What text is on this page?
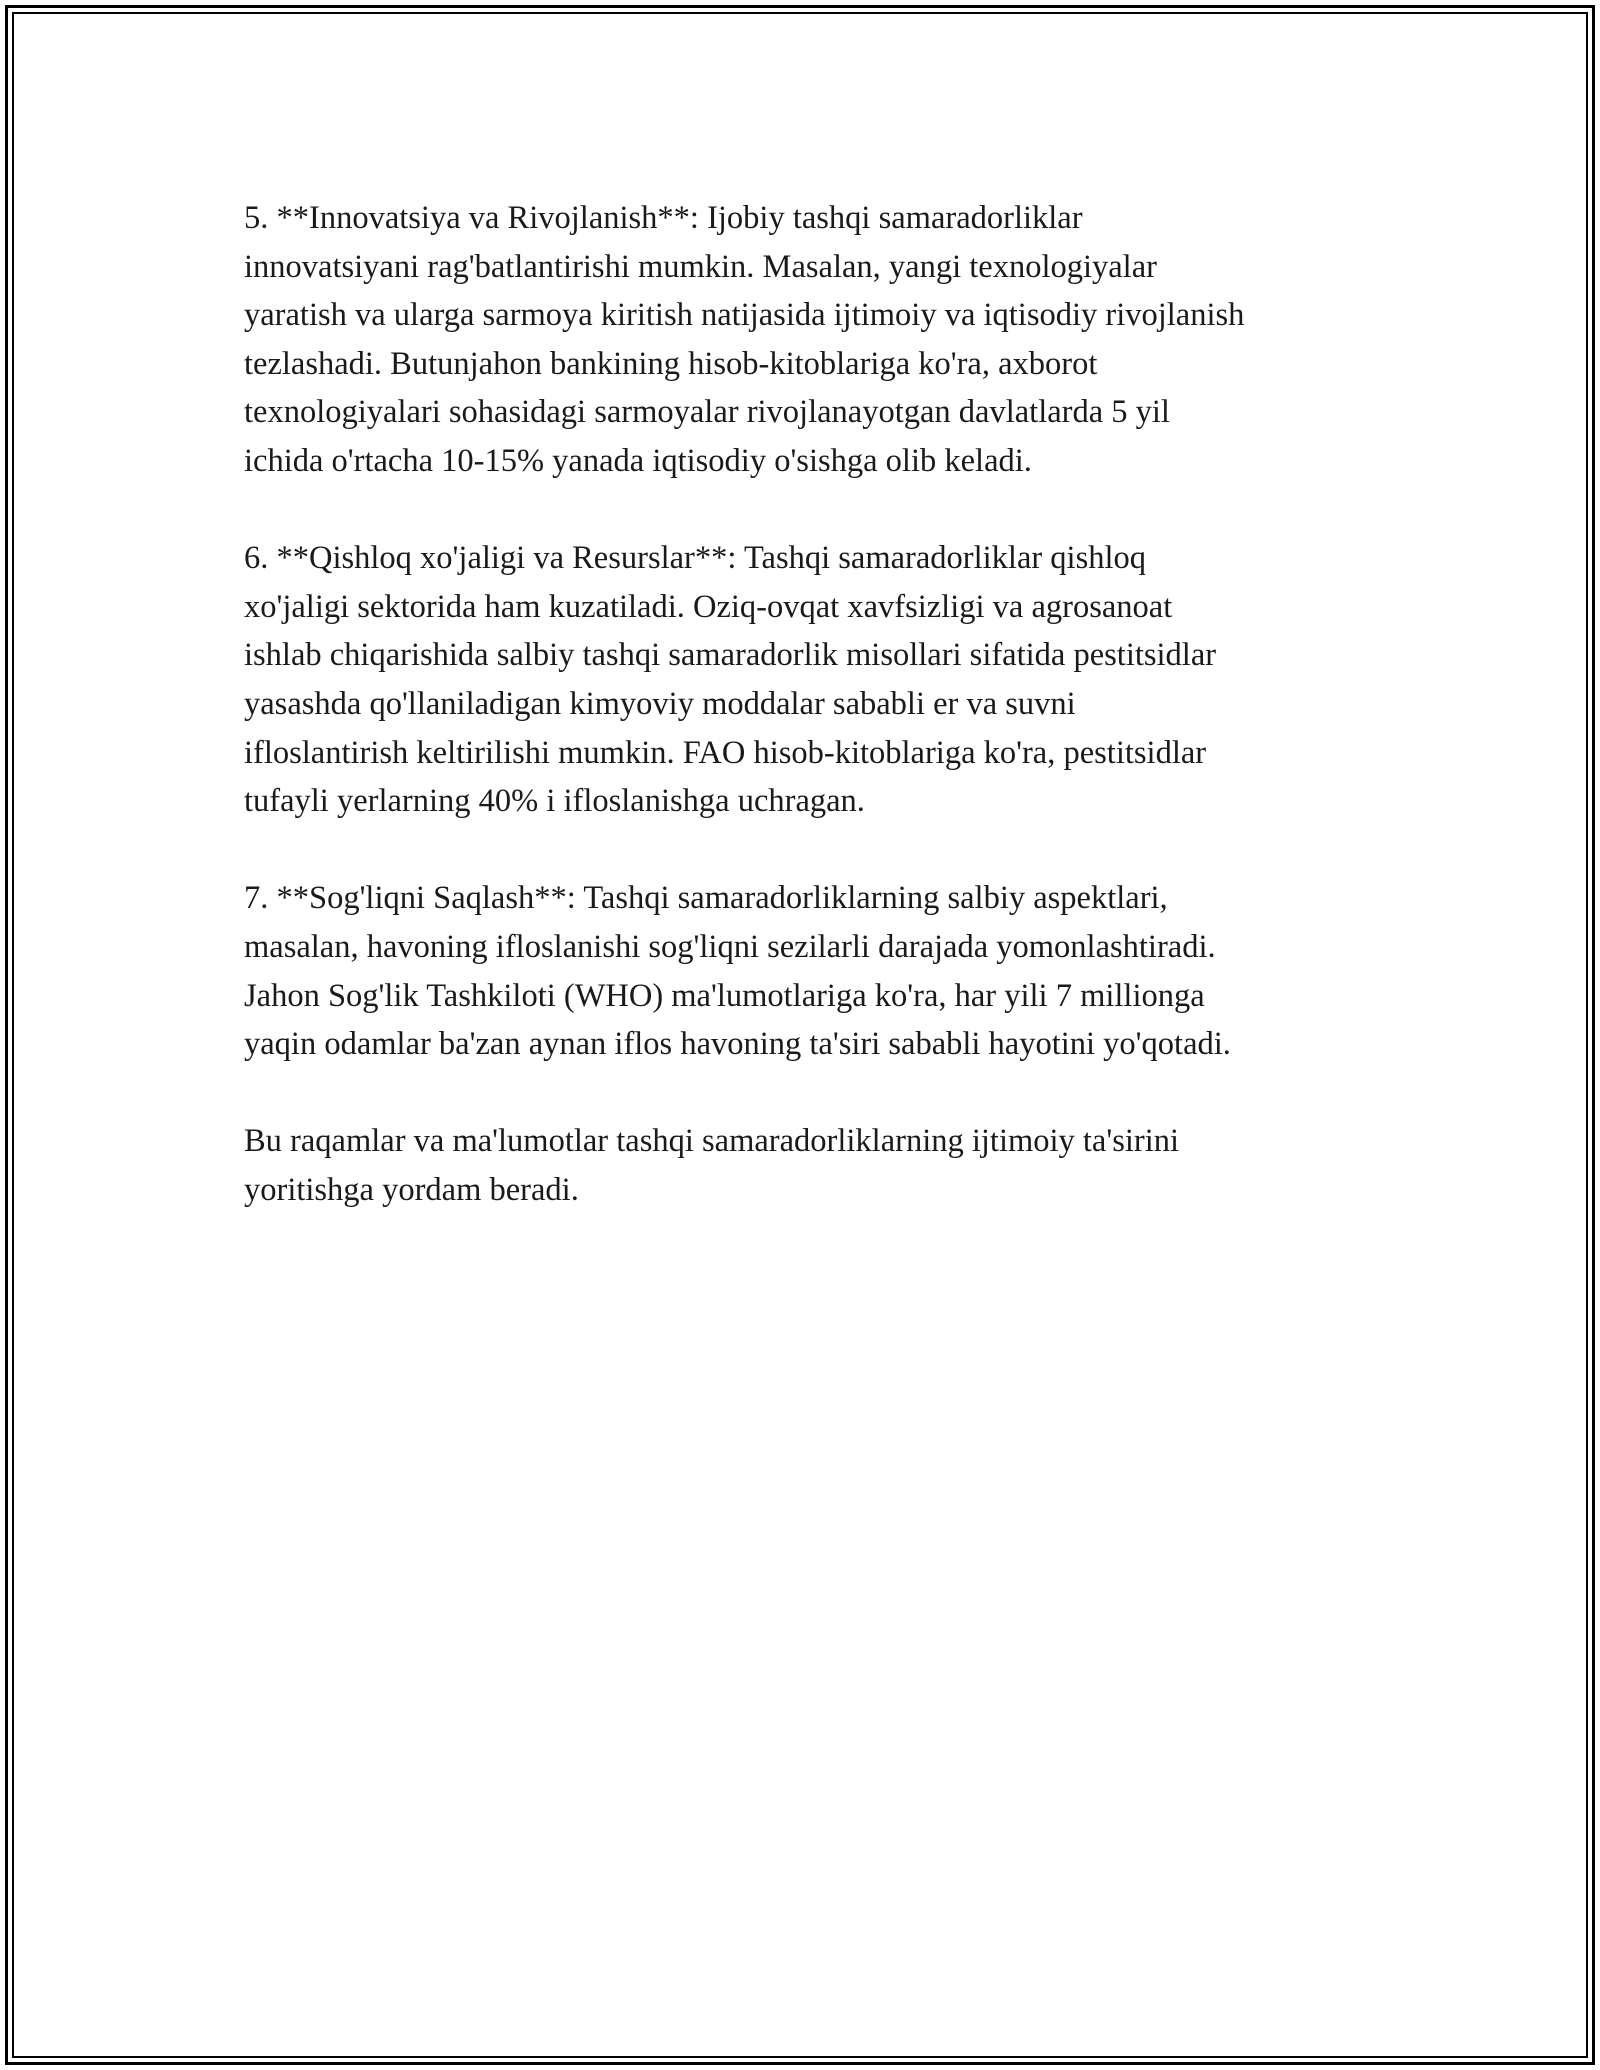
5. **Innovatsiya va Rivojlanish**: Ijobiy tashqi samaradorliklar
innovatsiyani rag'batlantirishi mumkin. Masalan, yangi texnologiyalar
yaratish va ularga sarmoya kiritish natijasida ijtimoiy va iqtisodiy rivojlanish
tezlashadi. Butunjahon bankining hisob-kitoblariga ko'ra, axborot
texnologiyalari sohasidagi sarmoyalar rivojlanayotgan davlatlarda 5 yil
ichida o'rtacha 10-15% yanada iqtisodiy o'sishga olib keladi.

6. **Qishloq xo'jaligi va Resurslar**: Tashqi samaradorliklar qishloq
xo'jaligi sektorida ham kuzatiladi. Oziq-ovqat xavfsizligi va agrosanoat
ishlab chiqarishida salbiy tashqi samaradorlik misollari sifatida pestitsidlar
yasashda qo'llaniladigan kimyoviy moddalar sababli er va suvni
ifloslantirish keltirilishi mumkin. FAO hisob-kitoblariga ko'ra, pestitsidlar
tufayli yerlarning 40% i ifloslanishga uchragan.

7. **Sog'liqni Saqlash**: Tashqi samaradorliklarning salbiy aspektlari,
masalan, havoning ifloslanishi sog'liqni sezilarli darajada yomonlashtiradi.
Jahon Sog'lik Tashkiloti (WHO) ma'lumotlariga ko'ra, har yili 7 millionga
yaqin odamlar ba'zan aynan iflos havoning ta'siri sababli hayotini yo'qotadi.

Bu raqamlar va ma'lumotlar tashqi samaradorliklarning ijtimoiy ta'sirini
yoritishga yordam beradi.
